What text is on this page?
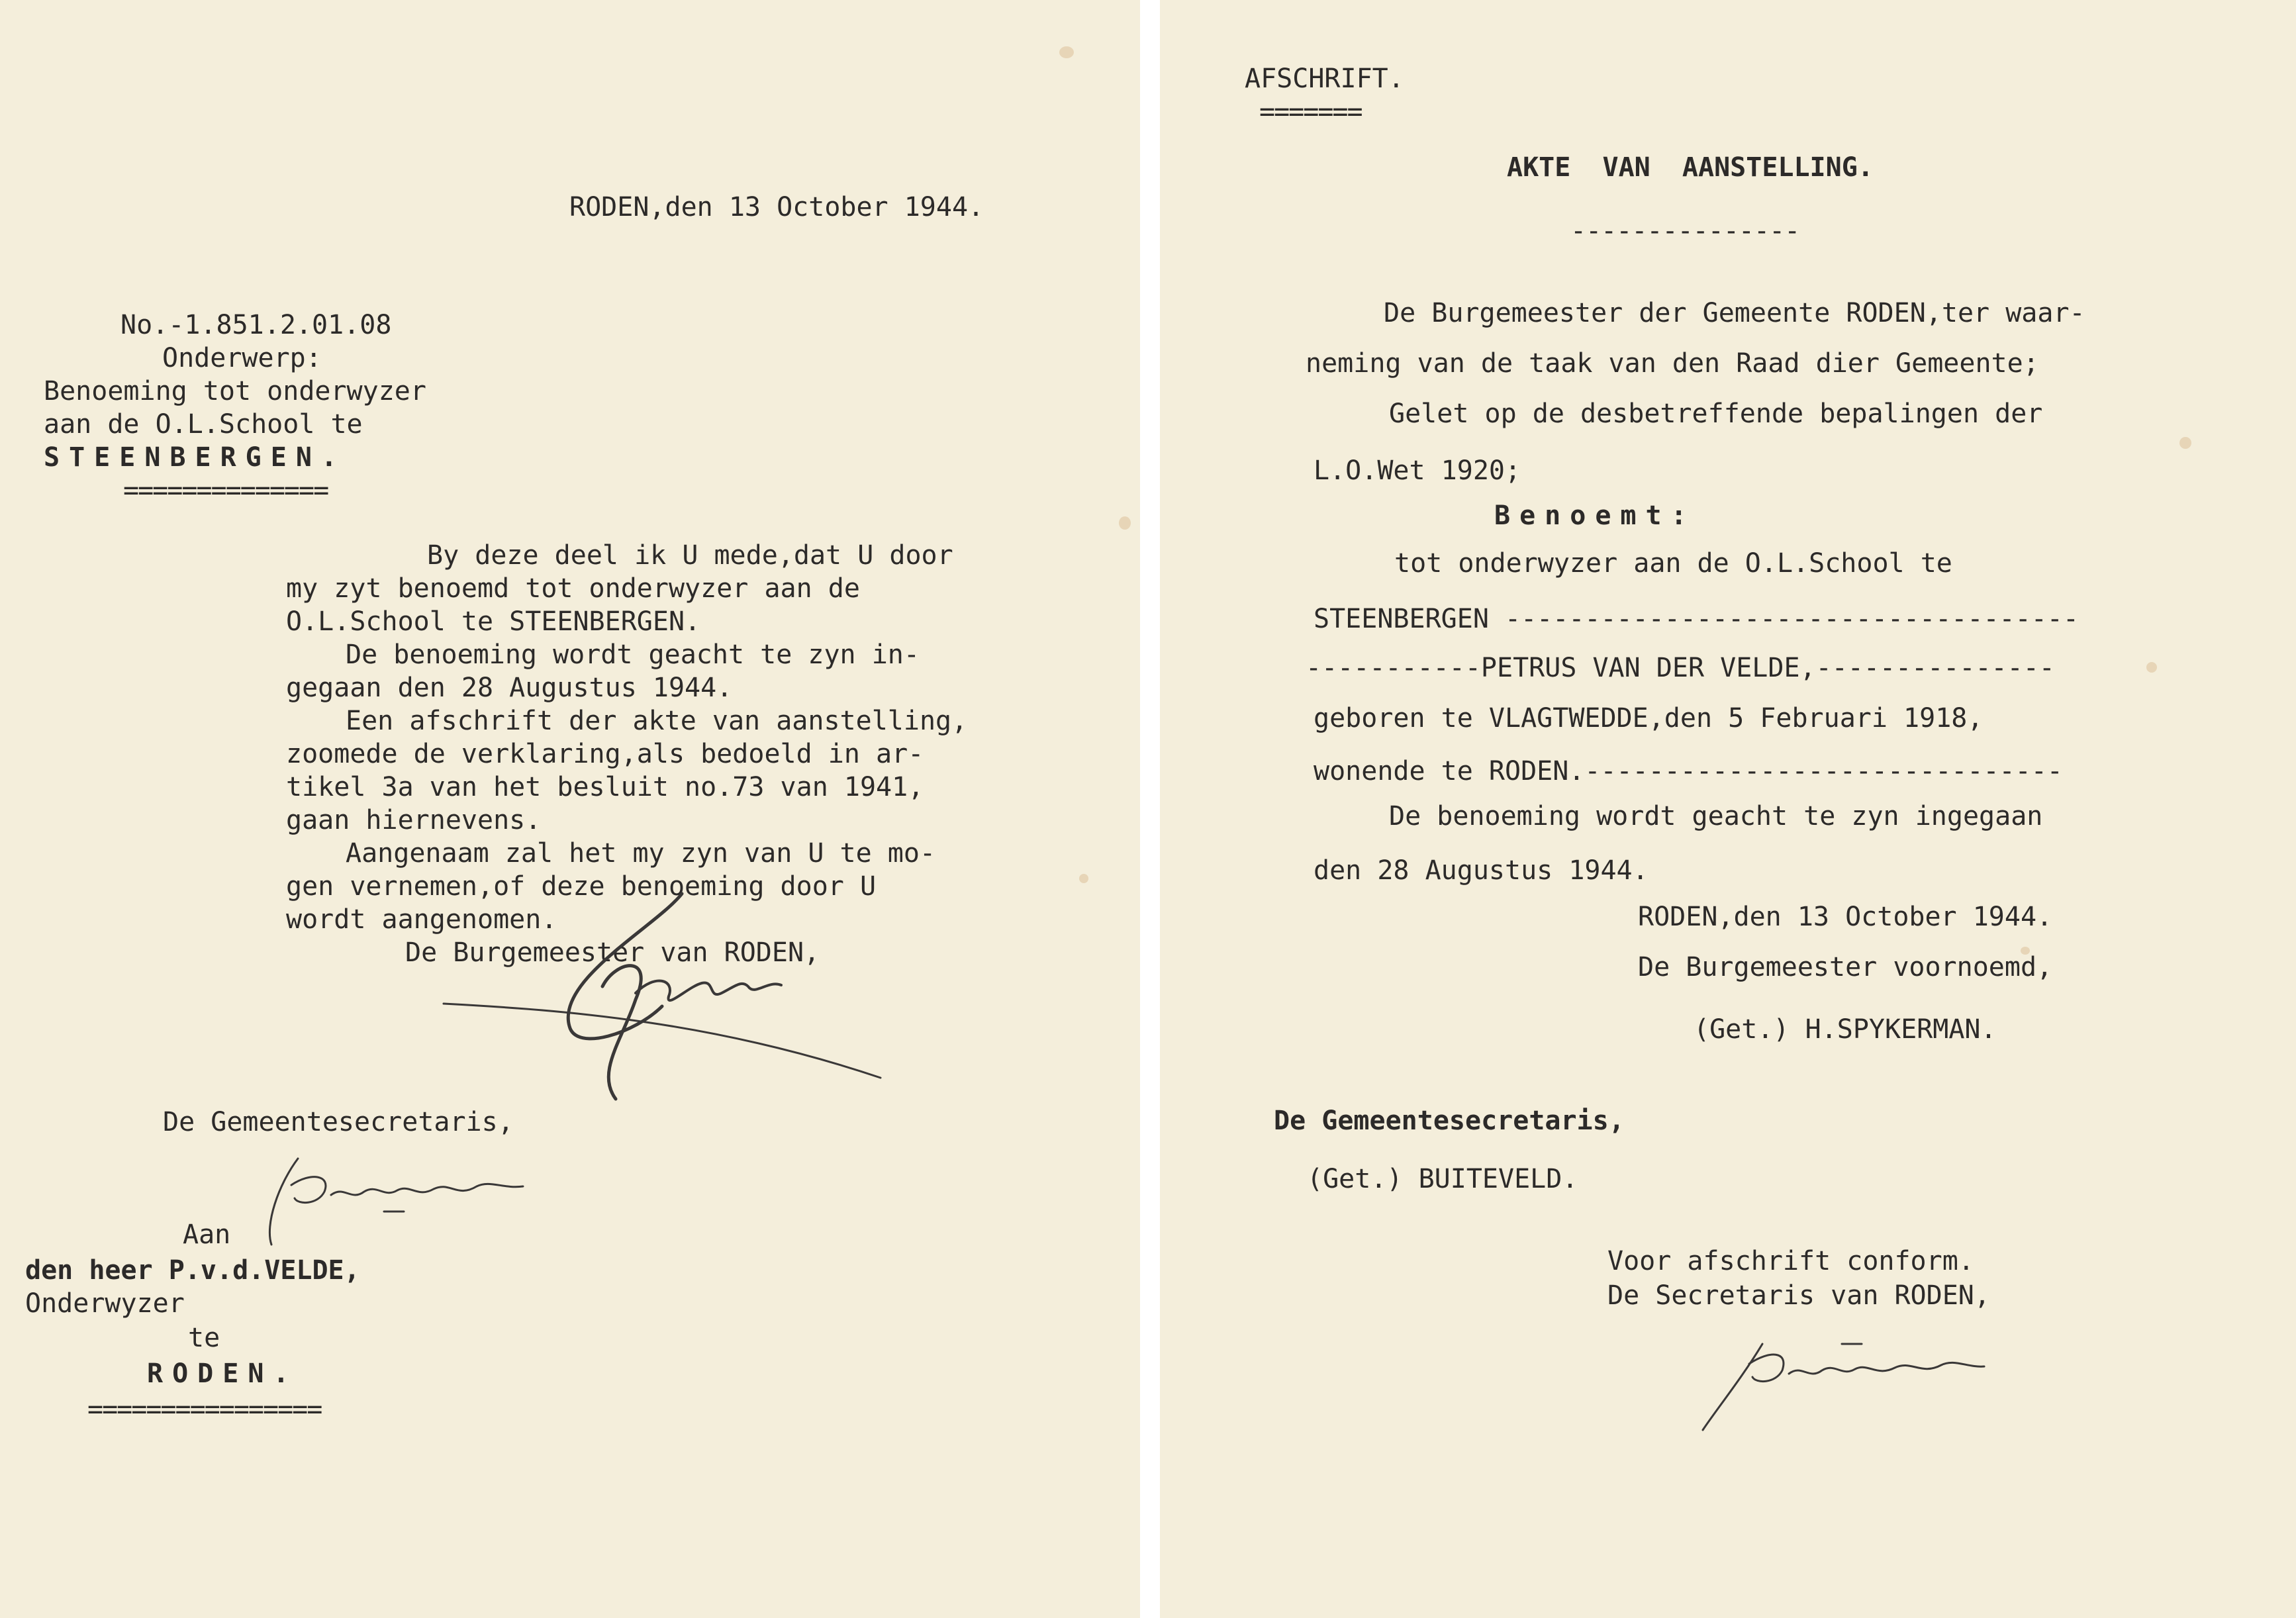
RODEN,den 13 October 1944.
No.-1.851.2.01.08
Onderwerp:
Benoeming tot onderwyzer
aan de O.L.School te
STEENBERGEN.
==============
By deze deel ik U mede,dat U door
my zyt benoemd tot onderwyzer aan de
O.L.School te STEENBERGEN.
De benoeming wordt geacht te zyn in-
gegaan den 28 Augustus 1944.
Een afschrift der akte van aanstelling,
zoomede de verklaring,als bedoeld in ar-
tikel 3a van het besluit no.73 van 1941,
gaan hiernevens.
Aangenaam zal het my zyn van U te mo-
gen vernemen,of deze benoeming door U
wordt aangenomen.
De Burgemeester van RODEN,
De Gemeentesecretaris,
Aan
den heer P.v.d.VELDE,
Onderwyzer
te
RODEN.
================
AFSCHRIFT.
=======
AKTE  VAN  AANSTELLING.
---------------
De Burgemeester der Gemeente RODEN,ter waar-
neming van de taak van den Raad dier Gemeente;
Gelet op de desbetreffende bepalingen der
L.O.Wet 1920;
Benoemt:
tot onderwyzer aan de O.L.School te
STEENBERGEN ------------------------------------
-----------PETRUS VAN DER VELDE,---------------
geboren te VLAGTWEDDE,den 5 Februari 1918,
wonende te RODEN.------------------------------
De benoeming wordt geacht te zyn ingegaan
den 28 Augustus 1944.
RODEN,den 13 October 1944.
De Burgemeester voornoemd,
(Get.) H.SPYKERMAN.
De Gemeentesecretaris,
(Get.) BUITEVELD.
Voor afschrift conform.
De Secretaris van RODEN,
